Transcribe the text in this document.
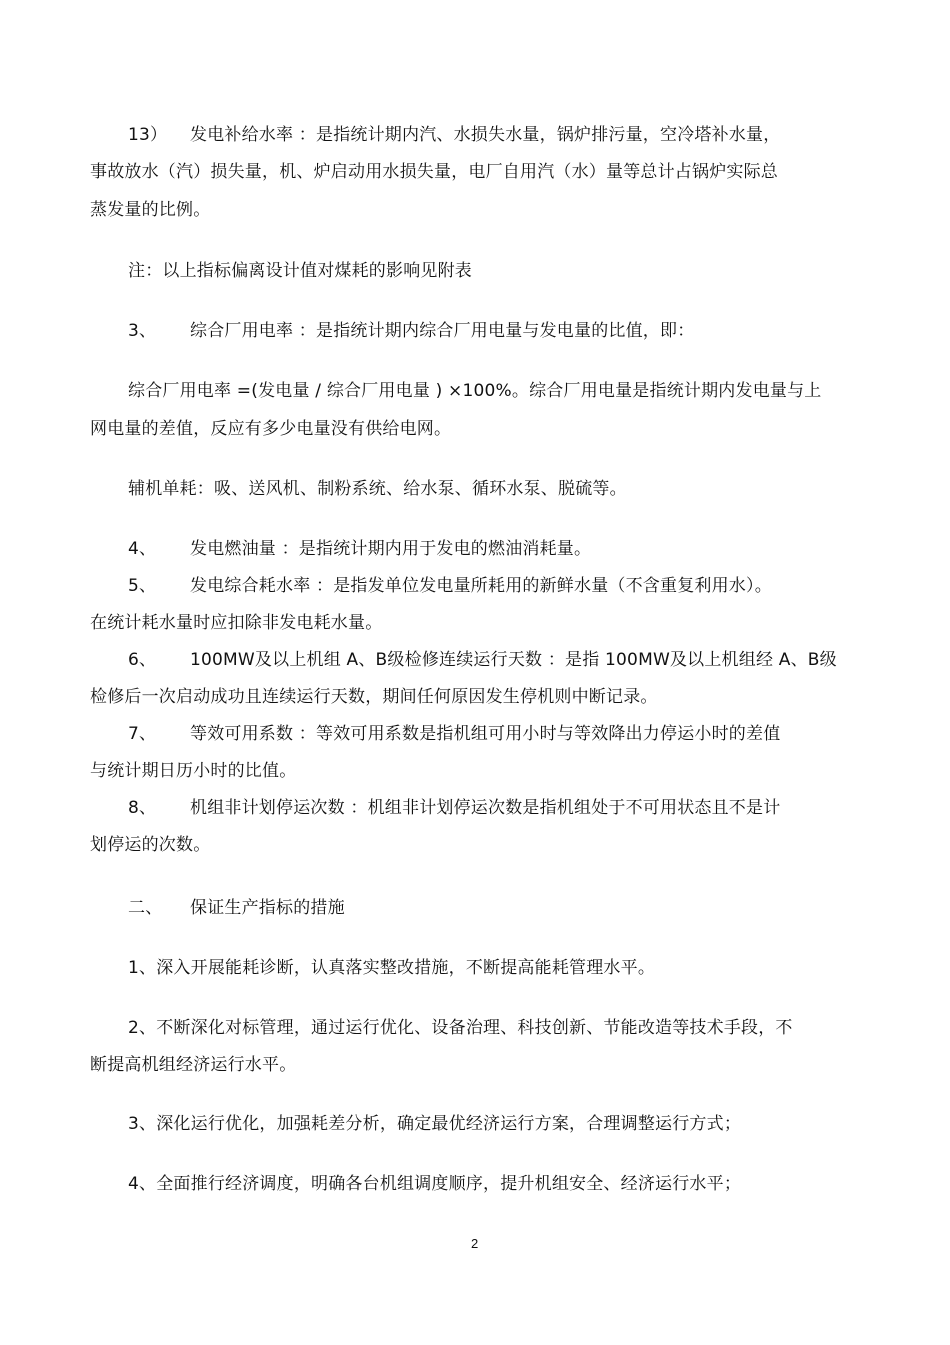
13） 发电补给水率 ：是指统计期内汽、水损失水量，锅炉排污量，空冷塔补水量，
事故放水（汽）损失量，机、炉启动用水损失量，电厂自用汽（水）量等总计占锅炉实际总
蒸发量的比例。
注：以上指标偏离设计值对煤耗的影响见附表
3、 综合厂用电率 ：是指统计期内综合厂用电量与发电量的比值，即：
综合厂用电率 =(发电量 / 综合厂用电量 ) ×100%。综合厂用电量是指统计期内发电量与上
网电量的差值，反应有多少电量没有供给电网。
辅机单耗：吸、送风机、制粉系统、给水泵、循环水泵、脱硫等。
4、 发电燃油量 ：是指统计期内用于发电的燃油消耗量。
5、 发电综合耗水率 ：是指发单位发电量所耗用的新鲜水量（不含重复利用水）。
在统计耗水量时应扣除非发电耗水量。
6、 100MW及以上机组 A、B级检修连续运行天数 ：是指 100MW及以上机组经 A、B级
检修后一次启动成功且连续运行天数，期间任何原因发生停机则中断记录。
7、 等效可用系数 ：等效可用系数是指机组可用小时与等效降出力停运小时的差值
与统计期日历小时的比值。
8、 机组非计划停运次数 ：机组非计划停运次数是指机组处于不可用状态且不是计
划停运的次数。
二、 保证生产指标的措施
1、深入开展能耗诊断，认真落实整改措施，不断提高能耗管理水平。
2、不断深化对标管理，通过运行优化、设备治理、科技创新、节能改造等技术手段，不
断提高机组经济运行水平。
3、深化运行优化，加强耗差分析，确定最优经济运行方案，合理调整运行方式；
4、全面推行经济调度，明确各台机组调度顺序，提升机组安全、经济运行水平；
2
